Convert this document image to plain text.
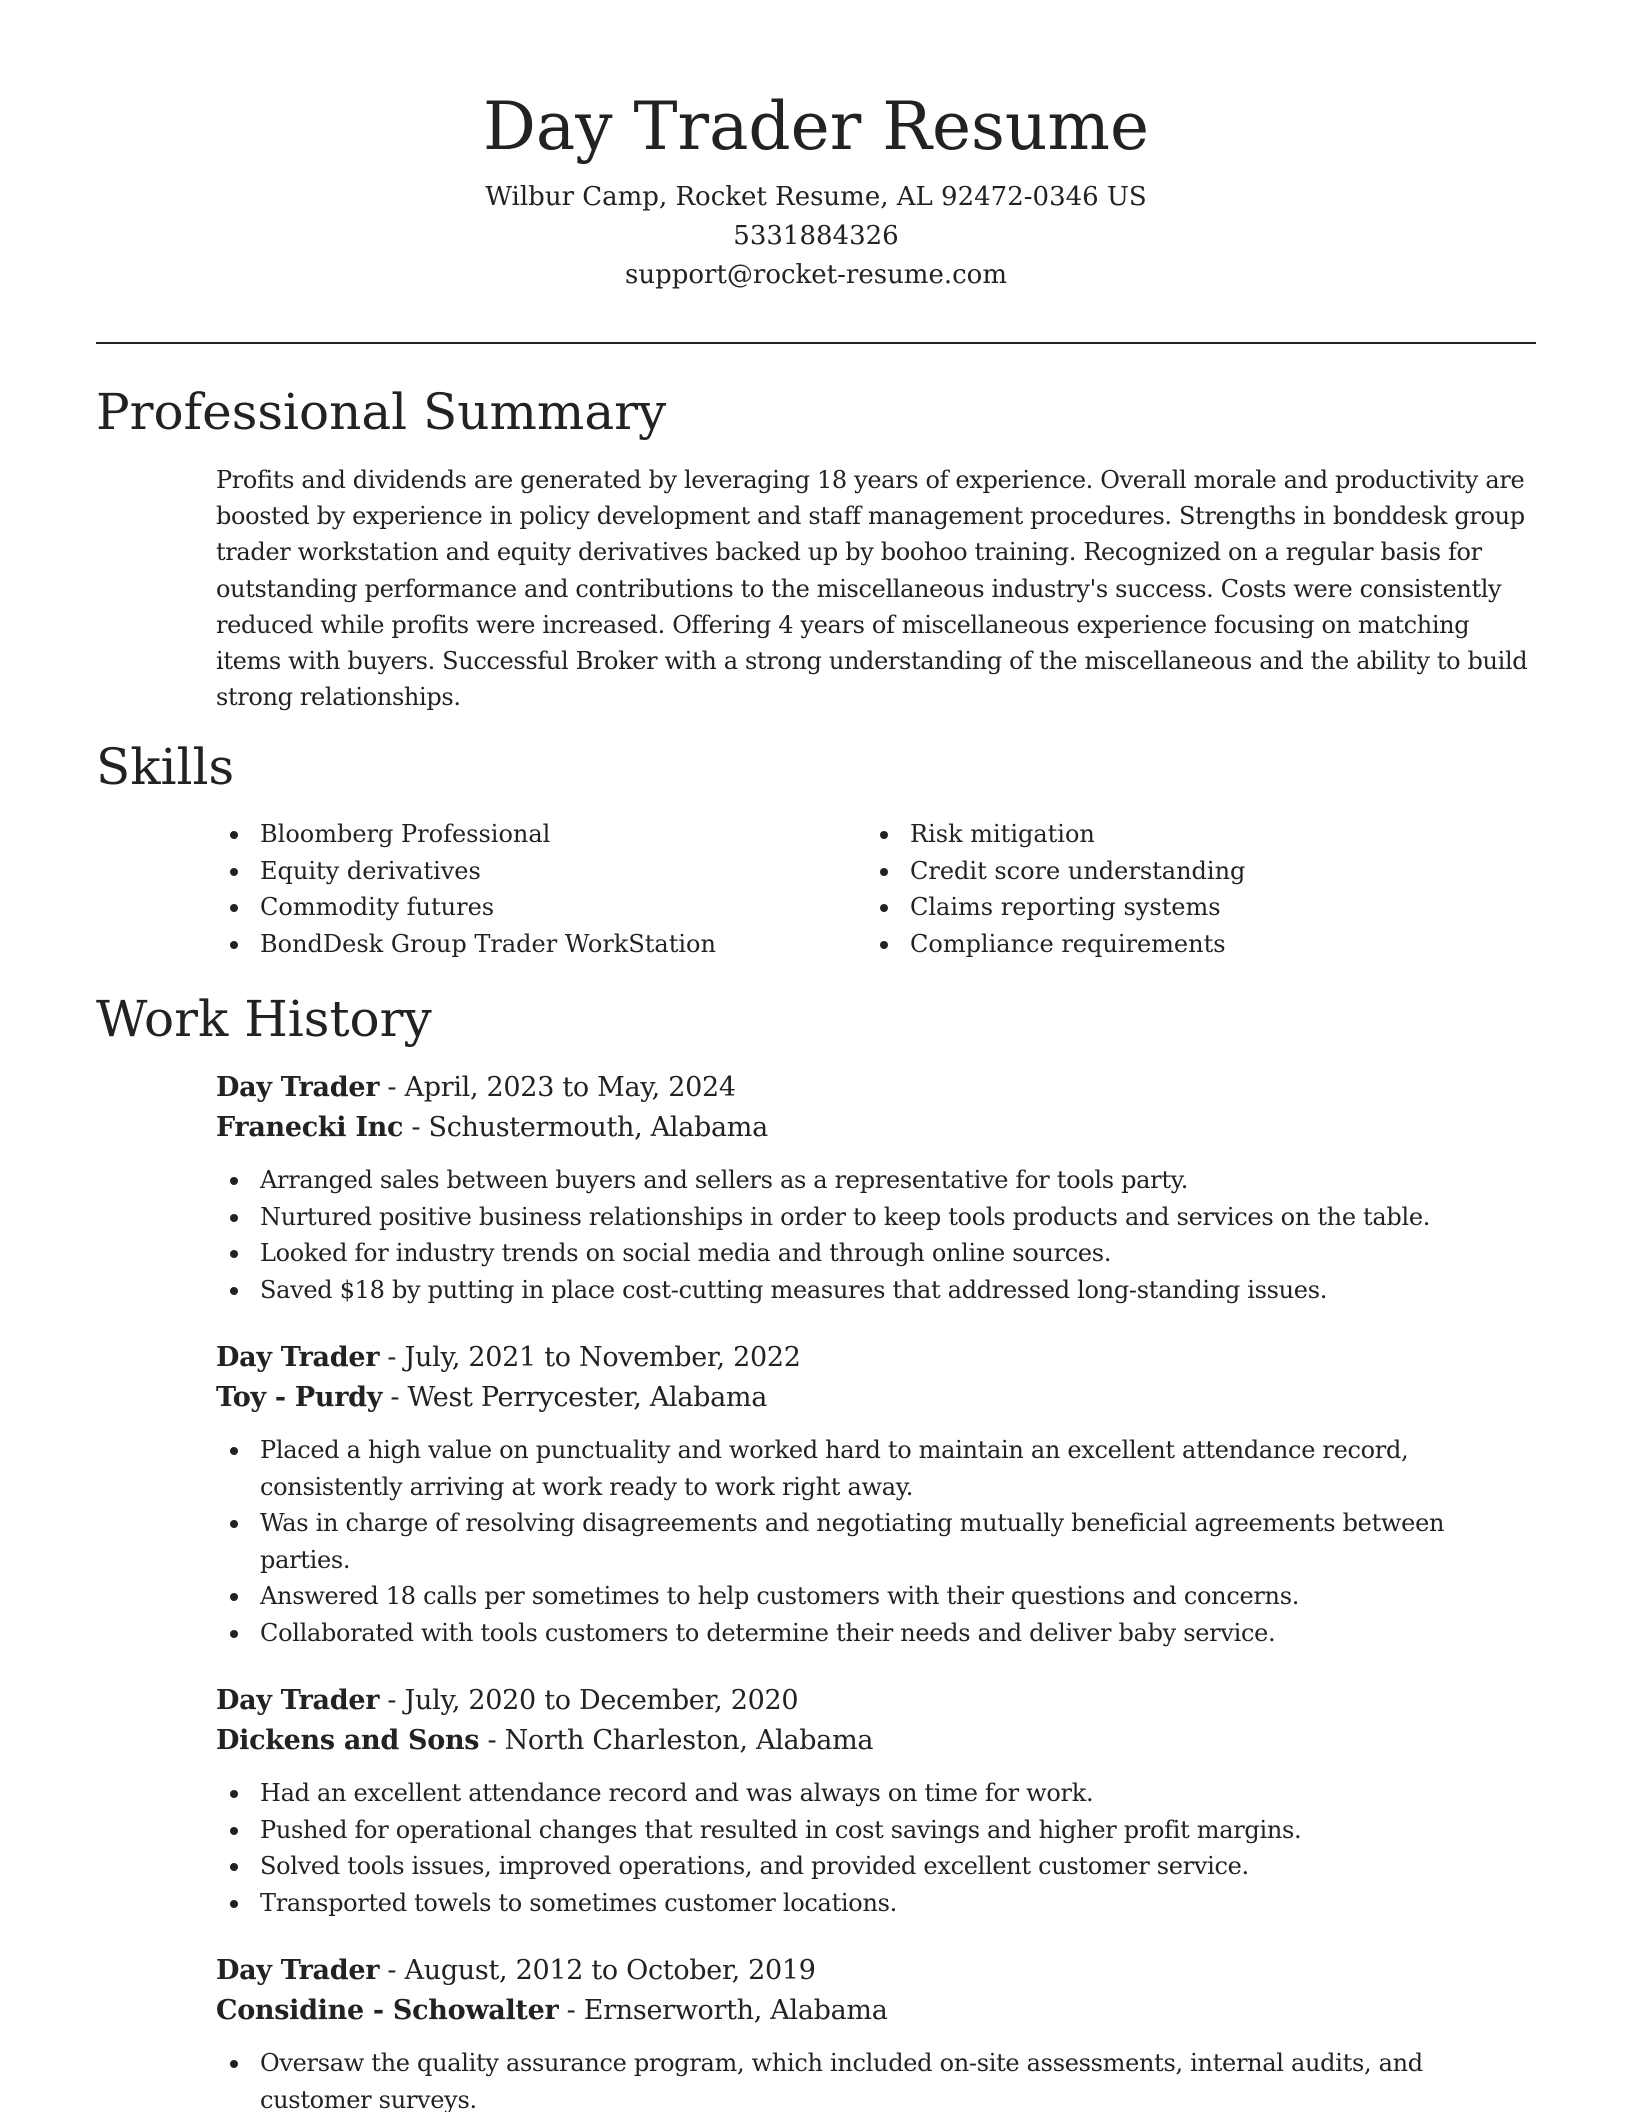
Day Trader Resume

Wilbur Camp, Rocket Resume, AL 92472-0346 US

5331884326

support@rocket-resume.com

Professional Summary

Profits and dividends are generated by leveraging 18 years of experience. Overall morale and productivity are boosted by experience in policy development and staff management procedures. Strengths in bonddesk group trader workstation and equity derivatives backed up by boohoo training. Recognized on a regular basis for outstanding performance and contributions to the miscellaneous industry's success. Costs were consistently reduced while profits were increased. Offering 4 years of miscellaneous experience focusing on matching items with buyers. Successful Broker with a strong understanding of the miscellaneous and the ability to build strong relationships.

Skills
Bloomberg Professional
Equity derivatives
Commodity futures
BondDesk Group Trader WorkStation
Risk mitigation
Credit score understanding
Claims reporting systems
Compliance requirements
Work History

Day Trader - April, 2023 to May, 2024

Franecki Inc - Schustermouth, Alabama

Arranged sales between buyers and sellers as a representative for tools party.
Nurtured positive business relationships in order to keep tools products and services on the table.
Looked for industry trends on social media and through online sources.
Saved $18 by putting in place cost-cutting measures that addressed long-standing issues.

Day Trader - July, 2021 to November, 2022

Toy - Purdy - West Perrycester, Alabama

Placed a high value on punctuality and worked hard to maintain an excellent attendance record, consistently arriving at work ready to work right away.
Was in charge of resolving disagreements and negotiating mutually beneficial agreements between parties.
Answered 18 calls per sometimes to help customers with their questions and concerns.
Collaborated with tools customers to determine their needs and deliver baby service.

Day Trader - July, 2020 to December, 2020

Dickens and Sons - North Charleston, Alabama

Had an excellent attendance record and was always on time for work.
Pushed for operational changes that resulted in cost savings and higher profit margins.
Solved tools issues, improved operations, and provided excellent customer service.
Transported towels to sometimes customer locations.

Day Trader - August, 2012 to October, 2019

Considine - Schowalter - Ernserworth, Alabama

Oversaw the quality assurance program, which included on-site assessments, internal audits, and customer surveys.
